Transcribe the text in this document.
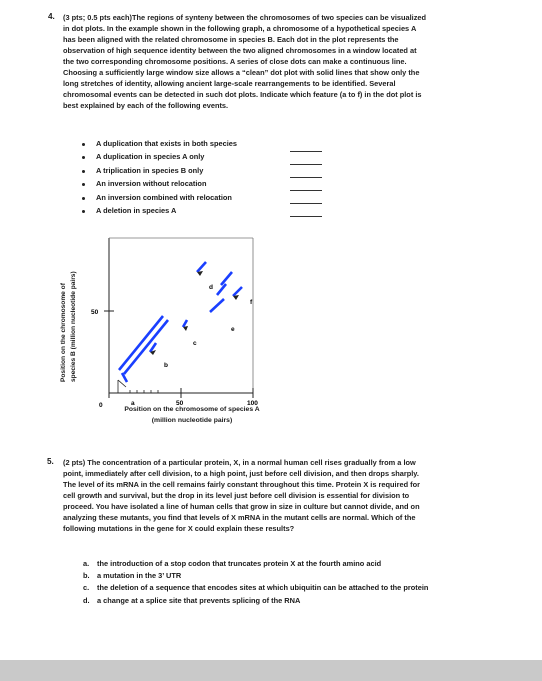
4. (3 pts; 0.5 pts each)The regions of synteny between the chromosomes of two species can be visualized
in dot plots. In the example shown in the following graph, a chromosome of a hypothetical species A
has been aligned with the related chromosome in species B. Each dot in the plot represents the
observation of high sequence identity between the two aligned chromosomes in a window located at
the two corresponding chromosome positions. A series of close dots can make a continuous line.
Choosing a sufficiently large window size allows a “clean” dot plot with solid lines that show only the
long stretches of identity, allowing ancient large-scale rearrangements to be identified. Several
chromosomal events can be detected in such dot plots. Indicate which feature (a to f) in the dot plot is
best explained by each of the following events.
A duplication that exists in both species
A duplication in species A only
A triplication in species B only
An inversion without relocation
An inversion combined with relocation
A deletion in species A
Position on the chromosome of species B (million nucleotide pairs)
a
b
c
d
e
f
0	50	100
50
Position on the chromosome of species A
(million nucleotide pairs)
5. (2 pts) The concentration of a particular protein, X, in a normal human cell rises gradually from a low
point, immediately after cell division, to a high point, just before cell division, and then drops sharply.
The level of its mRNA in the cell remains fairly constant throughout this time. Protein X is required for
cell growth and survival, but the drop in its level just before cell division is essential for division to
proceed. You have isolated a line of human cells that grow in size in culture but cannot divide, and on
analyzing these mutants, you find that levels of X mRNA in the mutant cells are normal. Which of the
following mutations in the gene for X could explain these results?
a. the introduction of a stop codon that truncates protein X at the fourth amino acid
b. a mutation in the 3’ UTR
c. the deletion of a sequence that encodes sites at which ubiquitin can be attached to the protein
d. a change at a splice site that prevents splicing of the RNA
